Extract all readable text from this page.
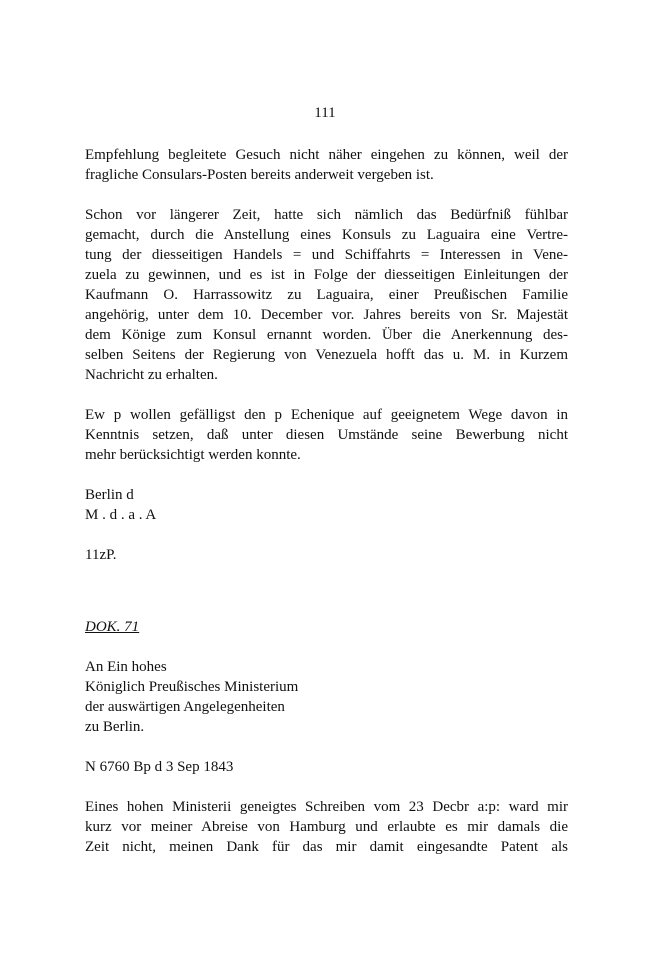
111
Empfehlung begleitete Gesuch nicht näher eingehen zu können, weil der
fragliche Consulars-Posten bereits anderweit vergeben ist.
Schon vor längerer Zeit, hatte sich nämlich das Bedürfniß fühlbar
gemacht, durch die Anstellung eines Konsuls zu Laguaira eine Vertre-
tung der diesseitigen Handels = und Schiffahrts = Interessen in Vene-
zuela zu gewinnen, und es ist in Folge der diesseitigen Einleitungen der
Kaufmann O. Harrassowitz zu Laguaira, einer Preußischen Familie
angehörig, unter dem 10. December vor. Jahres bereits von Sr. Majestät
dem Könige zum Konsul ernannt worden. Über die Anerkennung des-
selben Seitens der Regierung von Venezuela hofft das u. M. in Kurzem
Nachricht zu erhalten.
Ew p wollen gefälligst den p Echenique auf geeignetem Wege davon in
Kenntnis setzen, daß unter diesen Umstände seine Bewerbung nicht
mehr berücksichtigt werden konnte.
Berlin d
M . d . a . A
11zP.
DOK. 71
An Ein hohes
Königlich Preußisches Ministerium
der auswärtigen Angelegenheiten
zu Berlin.
N 6760 Bp d 3 Sep 1843
Eines hohen Ministerii geneigtes Schreiben vom 23 Decbr a:p: ward mir
kurz vor meiner Abreise von Hamburg und erlaubte es mir damals die
Zeit nicht, meinen Dank für das mir damit eingesandte Patent als
